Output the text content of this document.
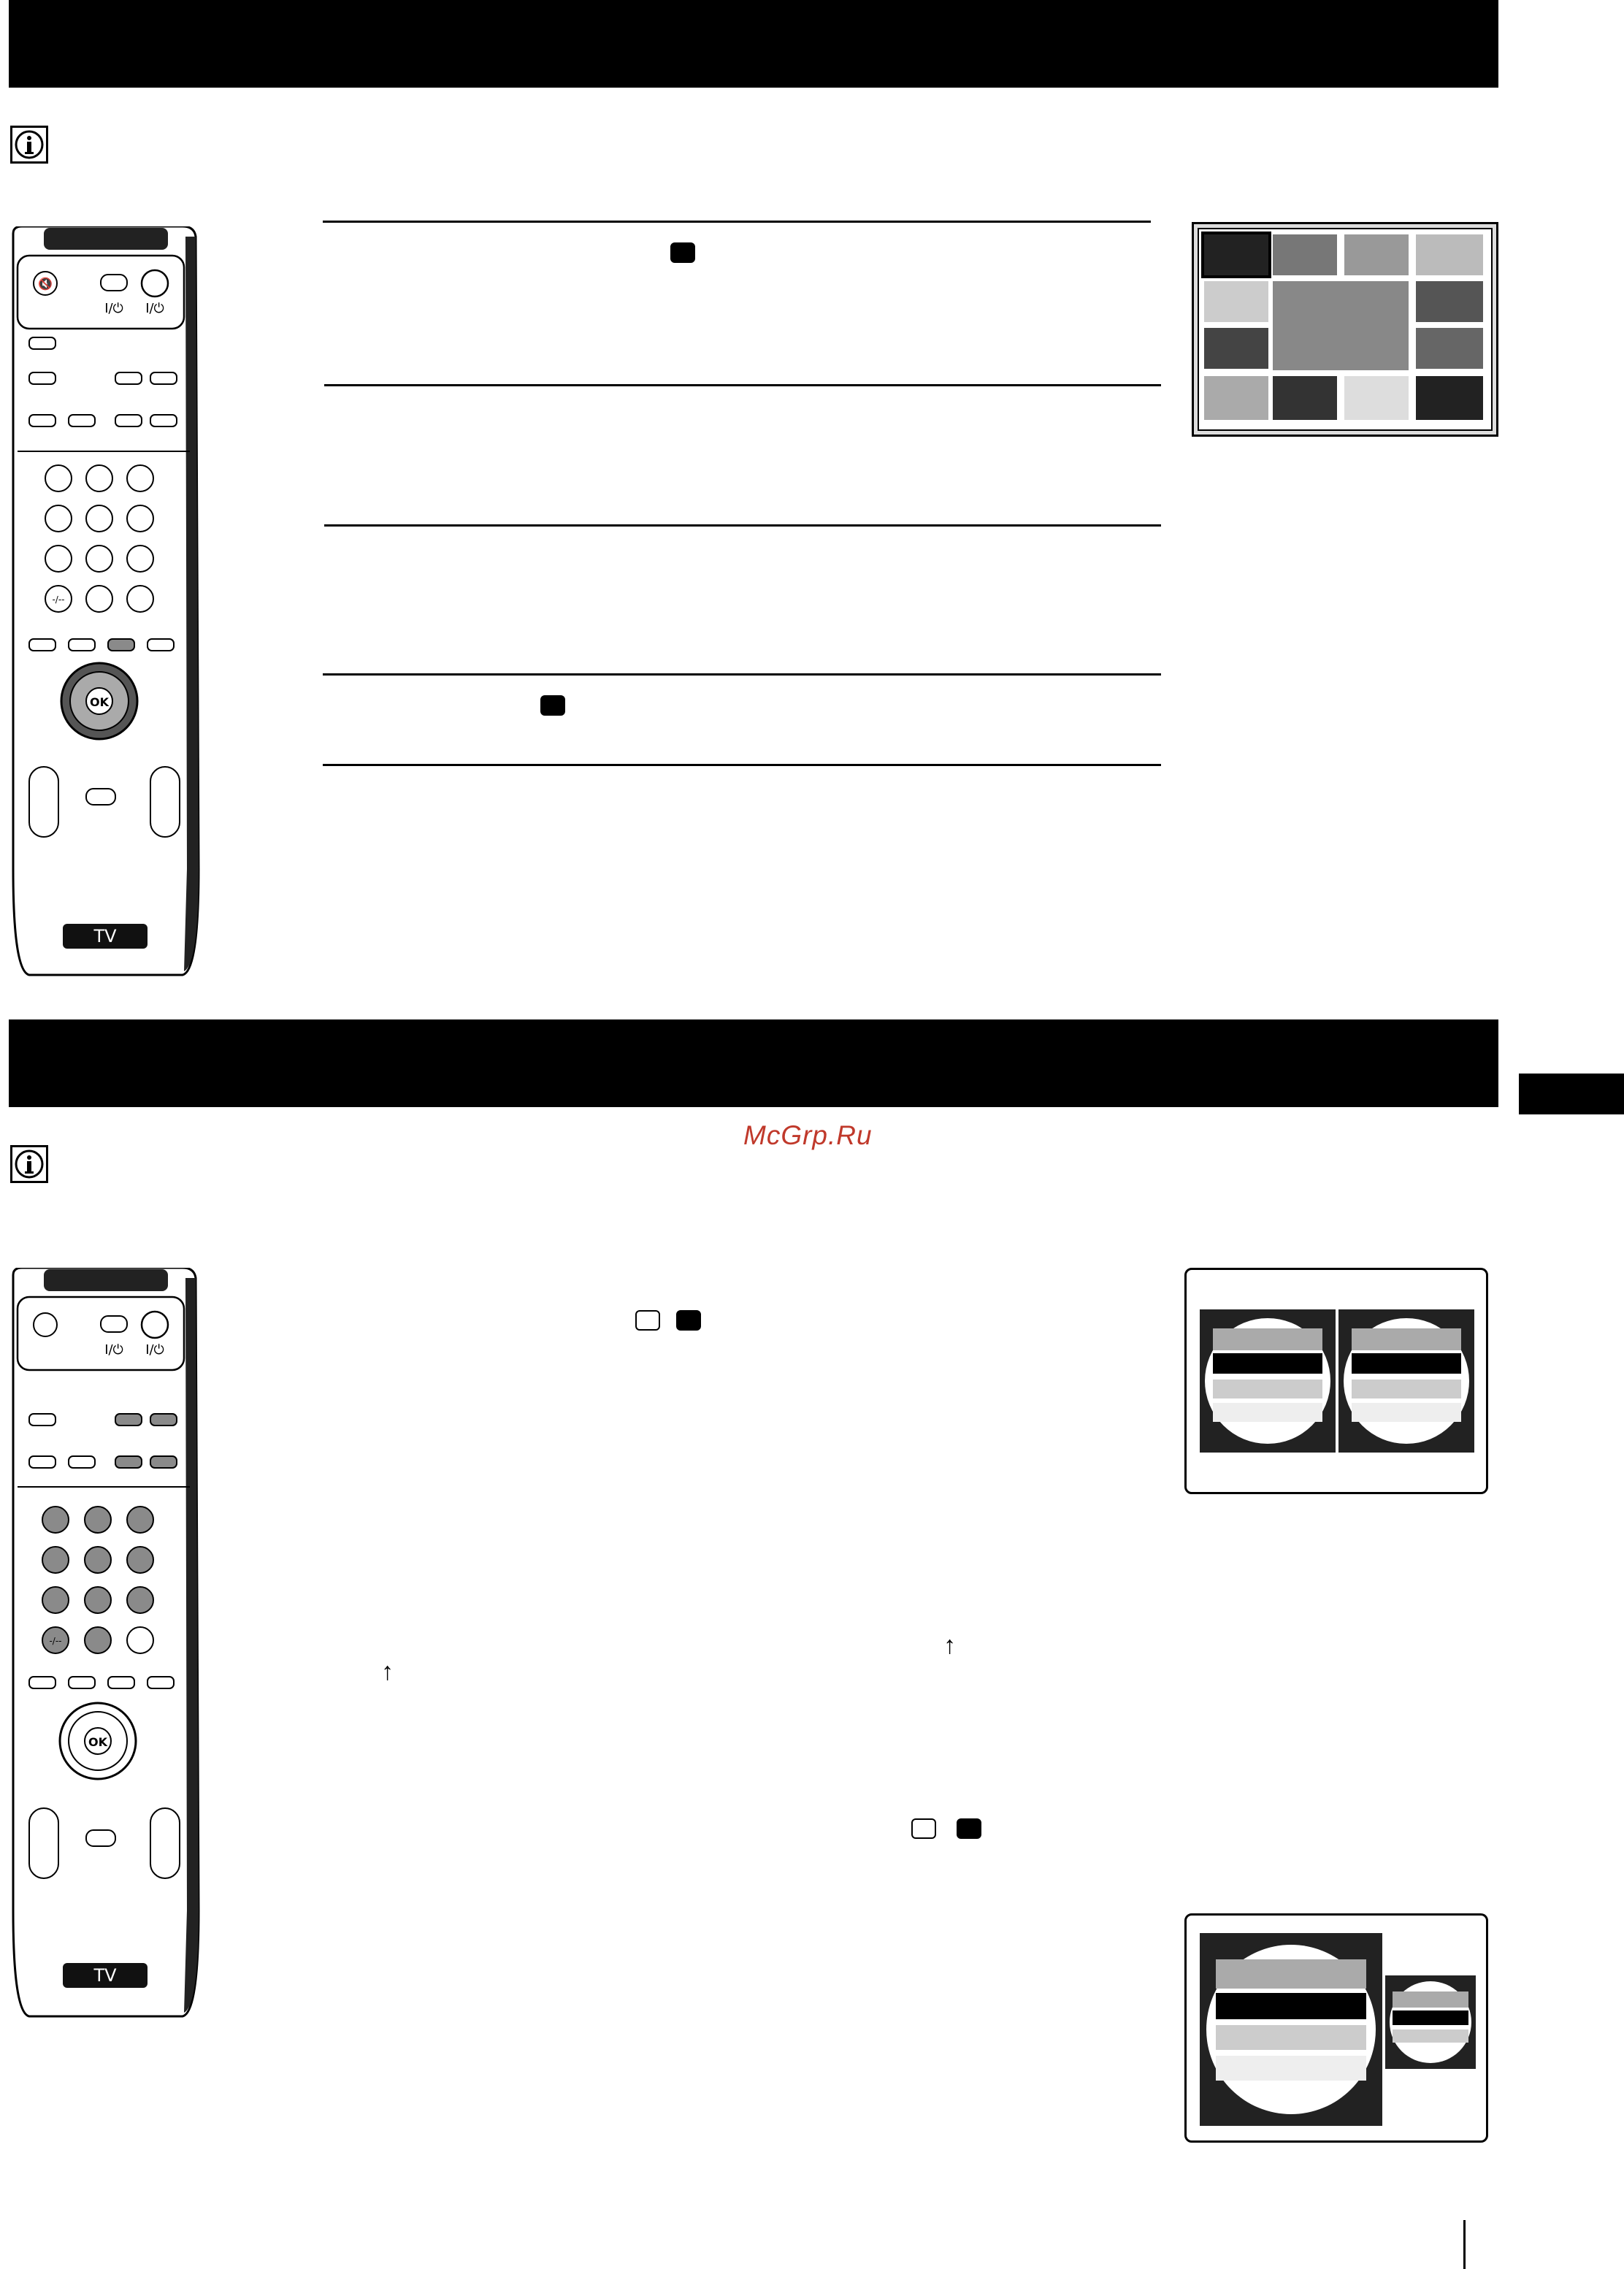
🔇
I/⏻ I/⏻
-/--
OK
TV
McGrp.Ru
I/⏻ I/⏻
-/--
OK
TV
↑
↑
